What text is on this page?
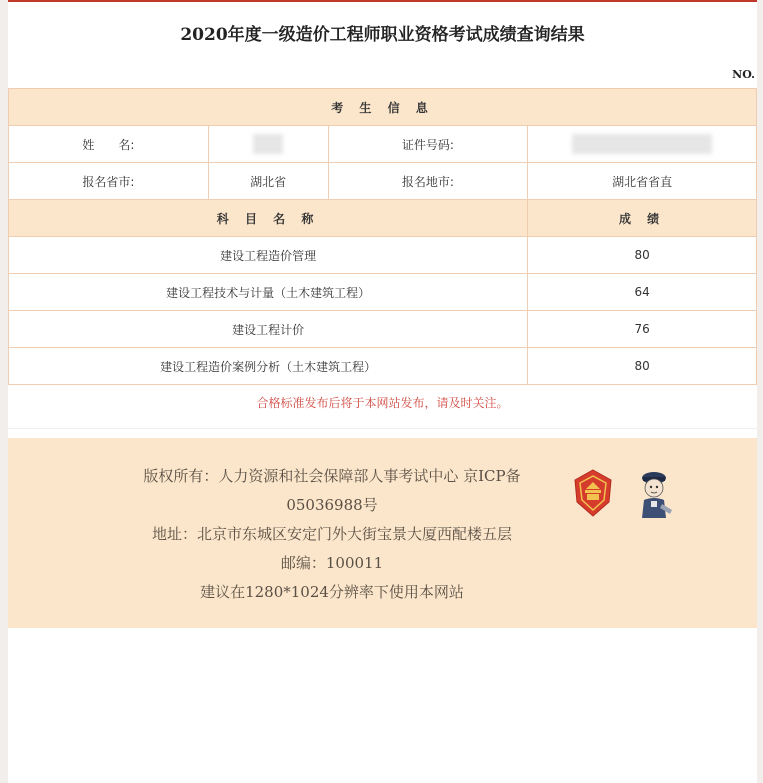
2020年度一级造价工程师职业资格考试成绩查询结果
NO.
考 生 信 息			
姓　　名:		证件号码:	
报名省市:	湖北省	报名地市:	湖北省省直
科 目 名 称			成 绩
建设工程造价管理			80
建设工程技术与计量（土木建筑工程）			64
建设工程计价			76
建设工程造价案例分析（土木建筑工程）			80
合格标准发布后将于本网站发布，请及时关注。
版权所有：人力资源和社会保障部人事考试中心 京ICP备
05036988号
地址：北京市东城区安定门外大街宝景大厦西配楼五层
邮编：100011
建议在1280*1024分辨率下使用本网站
